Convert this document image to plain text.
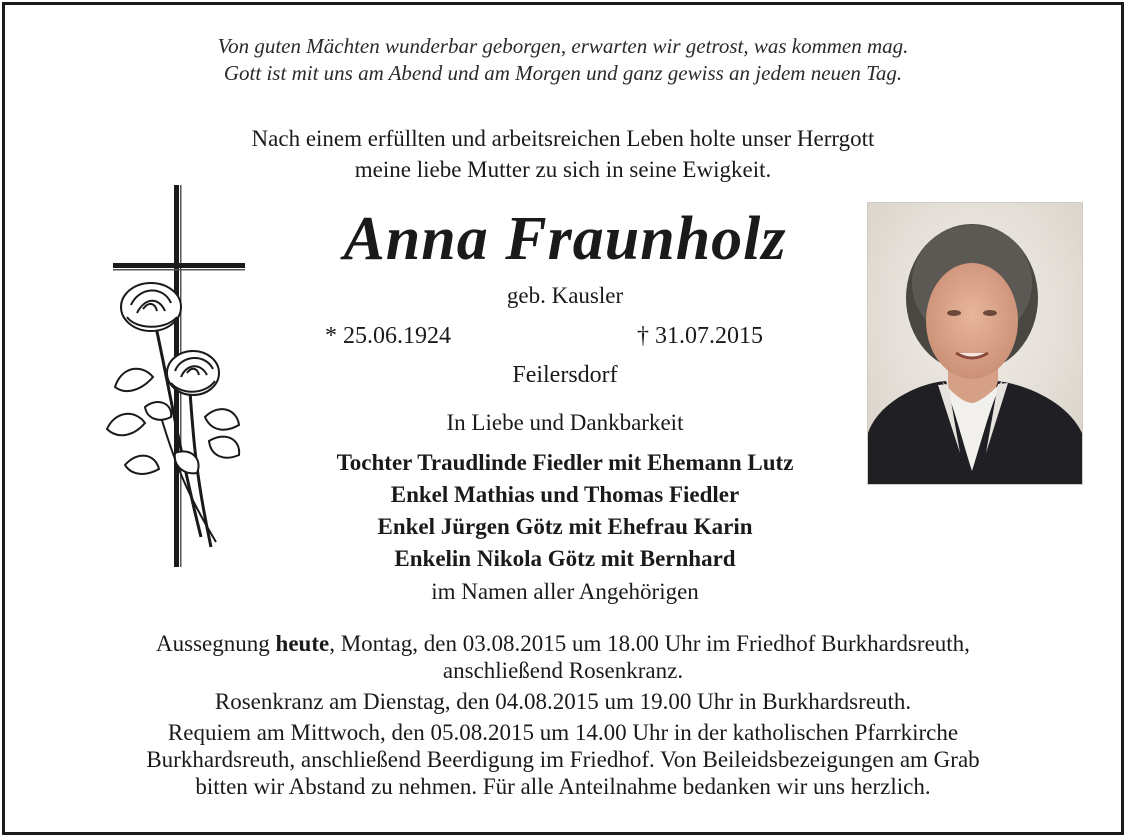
Von guten Mächten wunderbar geborgen, erwarten wir getrost, was kommen mag.
Gott ist mit uns am Abend und am Morgen und ganz gewiss an jedem neuen Tag.
Nach einem erfüllten und arbeitsreichen Leben holte unser Herrgott
meine liebe Mutter zu sich in seine Ewigkeit.
Anna Fraunholz
geb. Kausler
* 25.06.1924	† 31.07.2015
Feilersdorf
In Liebe und Dankbarkeit
Tochter Traudlinde Fiedler mit Ehemann Lutz
Enkel Mathias und Thomas Fiedler
Enkel Jürgen Götz mit Ehefrau Karin
Enkelin Nikola Götz mit Bernhard
im Namen aller Angehörigen

Aussegnung heute, Montag, den 03.08.2015 um 18.00 Uhr im Friedhof Burkhardsreuth,

anschließend Rosenkranz.

Rosenkranz am Dienstag, den 04.08.2015 um 19.00 Uhr in Burkhardsreuth.

Requiem am Mittwoch, den 05.08.2015 um 14.00 Uhr in der katholischen Pfarrkirche

Burkhardsreuth, anschließend Beerdigung im Friedhof. Von Beileidsbezeigungen am Grab

bitten wir Abstand zu nehmen. Für alle Anteilnahme bedanken wir uns herzlich.
